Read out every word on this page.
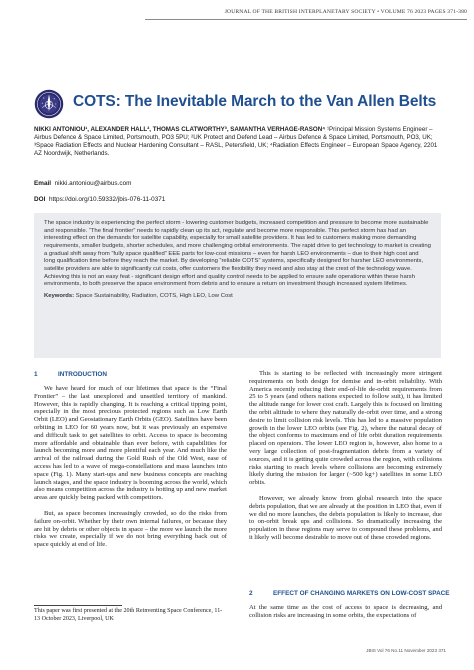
JOURNAL OF THE BRITISH INTERPLANETARY SOCIETY • VOLUME 76 2023 PAGES 371-380
COTS: The Inevitable March to the Van Allen Belts
NIKKI ANTONIOU¹, ALEXANDER HALL², THOMAS CLATWORTHY³, SAMANTHA VERHAGE-RASON⁴ ¹Principal Mission Systems Engineer – Airbus Defence & Space Limited, Portsmouth, PO3 5PU; ²UK Protect and Defend Lead – Airbus Defence & Space Limited, Portsmouth, PO3, UK; ³Space Radiation Effects and Nuclear Hardening Consultant – RASL, Petersfield, UK; ⁴Radiation Effects Engineer – European Space Agency, 2201 AZ Noordwijk, Netherlands.
Email nikki.antoniou@airbus.com
DOI https://doi.org/10.59332/jbis-076-11-0371
The space industry is experiencing the perfect storm - lowering customer budgets, increased competition and pressure to become more sustainable and responsible. “The final frontier” needs to rapidly clean up its act, regulate and become more responsible. This perfect storm has had an interesting effect on the demands for satellite capability, especially for small satellite providers. It has led to customers making more demanding requirements, smaller budgets, shorter schedules, and more challenging orbital environments. The rapid drive to get technology to market is creating a gradual shift away from “fully space qualified” EEE parts for low-cost missions – even for harsh LEO environments – due to their high cost and long qualification time before they reach the market. By developing “reliable COTS” systems, specifically designed for harsher LEO environments, satellite providers are able to significantly cut costs, offer customers the flexibility they need and also stay at the crest of the technology wave. Achieving this is not an easy feat - significant design effort and quality control needs to be applied to ensure safe operations within these harsh environments, to both preserve the space environment from debris and to ensure a return on investment though increased system lifetimes.
Keywords: Space Sustainability, Radiation, COTS, High LEO, Low Cost
1	INTRODUCTION

We have heard for much of our lifetimes that space is the “Final Frontier” – the last unexplored and unsettled territory of mankind. However, this is rapidly changing. It is reaching a critical tipping point, especially in the most precious protected regions such as Low Earth Orbit (LEO) and Geostationary Earth Orbits (GEO). Satellites have been orbiting in LEO for 60 years now, but it was previously an expensive and difficult task to get satellites to orbit. Access to space is becoming more affordable and obtainable than ever before, with capabilities for launch becoming more and more plentiful each year. And much like the arrival of the railroad during the Gold Rush of the Old West, ease of access has led to a wave of mega-constellations and mass launches into space (Fig. 1). Many start-ups and new business concepts are reaching launch stages, and the space industry is booming across the world, which also means competition across the industry is hotting up and new market areas are quickly being packed with competitors.

But, as space becomes increasingly crowded, so do the risks from failure on-orbit. Whether by their own internal failures, or because they are hit by debris or other objects in space – the more we launch the more risks we create, especially if we do not bring everything back out of space quickly at end of life.

This paper was first presented at the 20th Reinventing Space Conference, 11-13 October 2023, Liverpool, UK

This is starting to be reflected with increasingly more stringent requirements on both design for demise and in-orbit reliability. With America recently reducing their end-of-life de-orbit requirements from 25 to 5 years (and others nations expected to follow suit), it has limited the altitude range for lower cost craft. Largely this is focused on limiting the orbit altitude to where they naturally de-orbit over time, and a strong desire to limit collision risk levels. This has led to a massive population growth in the lower LEO orbits (see Fig. 2), where the natural decay of the object conforms to maximum end of life orbit duration requirements placed on operators. The lower LEO region is, however, also home to a very large collection of post-fragmentation debris from a variety of sources, and it is getting quite crowded across the region, with collisions risks starting to reach levels where collisions are becoming extremely likely during the mission for larger (~500 kg+) satellites in some LEO orbits.

However, we already know from global research into the space debris population, that we are already at the position in LEO that, even if we did no more launches, the debris population is likely to increase, due to on-orbit break ups and collisions. So dramatically increasing the population in these regions may serve to compound these problems, and it likely will become desirable to move out of these crowded regions.

2	EFFECT OF CHANGING MARKETS ON LOW-COST SPACE

At the same time as the cost of access to space is decreasing, and collision risks are increasing in some orbits, the expectations of

JBIS Vol 76 No.11 November 2023 371
